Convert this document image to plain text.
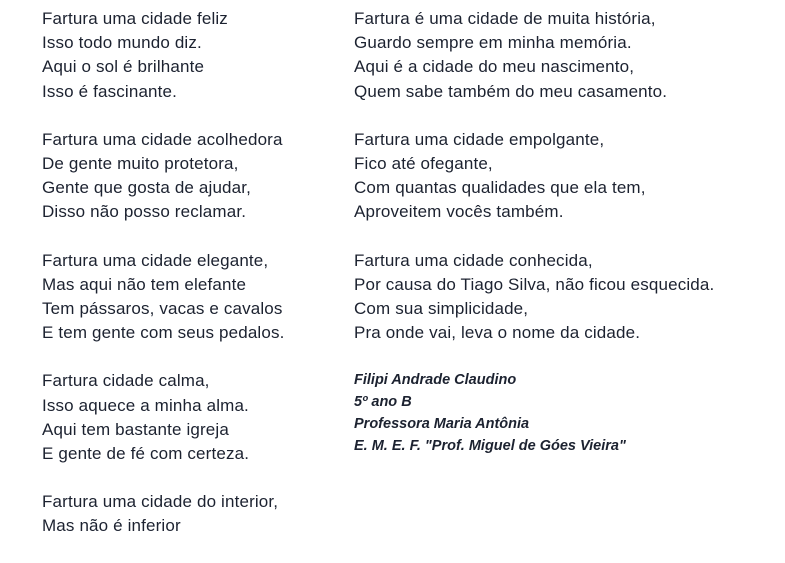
Fartura uma cidade feliz
Isso todo mundo diz.
Aqui o sol é brilhante
Isso é fascinante.
Fartura uma cidade acolhedora
De gente muito protetora,
Gente que gosta de ajudar,
Disso não posso reclamar.
Fartura uma cidade elegante,
Mas aqui não tem elefante
Tem pássaros, vacas e cavalos
E tem gente com seus pedalos.
Fartura cidade calma,
Isso aquece a minha alma.
Aqui tem bastante igreja
E gente de fé com certeza.
Fartura uma cidade do interior,
Mas não é inferior
Fartura é uma cidade de muita história,
Guardo sempre em minha memória.
Aqui é a cidade do meu nascimento,
Quem sabe também do meu casamento.
Fartura uma cidade empolgante,
Fico até ofegante,
Com quantas qualidades que ela tem,
Aproveitem vocês também.
Fartura uma cidade conhecida,
Por causa do Tiago Silva, não ficou esquecida.
Com sua simplicidade,
Pra onde vai, leva o nome da cidade.
Filipi Andrade Claudino
5º ano B
Professora Maria Antônia
E. M. E. F. "Prof. Miguel de Góes Vieira"
